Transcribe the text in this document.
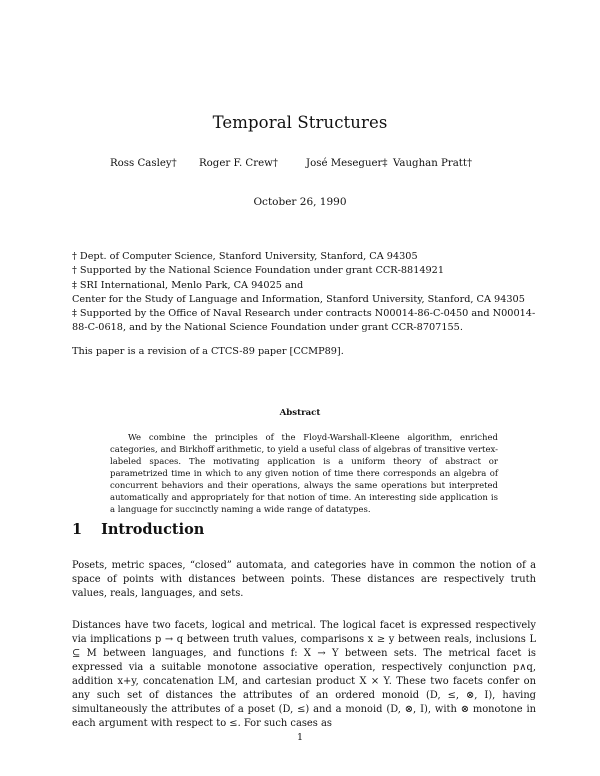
Temporal Structures
Ross Casley† Roger F. Crew†	José Meseguer‡ Vaughan Pratt†
October 26, 1990

† Dept. of Computer Science, Stanford University, Stanford, CA 94305

† Supported by the National Science Foundation under grant CCR-8814921

‡ SRI International, Menlo Park, CA 94025 and

Center for the Study of Language and Information, Stanford University, Stanford, CA 94305

‡ Supported by the Office of Naval Research under contracts N00014-86-C-0450 and N00014-88-C-0618, and by the National Science Foundation under grant CCR-8707155.

This paper is a revision of a CTCS-89 paper [CCMP89].
Abstract
We combine the principles of the Floyd-Warshall-Kleene algorithm, enriched categories, and Birkhoff arithmetic, to yield a useful class of algebras of transitive vertex-labeled spaces. The motivating application is a uniform theory of abstract or parametrized time in which to any given notion of time there corresponds an algebra of concurrent behaviors and their operations, always the same operations but interpreted automatically and appropriately for that notion of time. An interesting side application is a language for succinctly naming a wide range of datatypes.
1 Introduction

Posets, metric spaces, “closed” automata, and categories have in common the notion of a space of points with distances between points. These distances are respectively truth values, reals, languages, and sets.

Distances have two facets, logical and metrical. The logical facet is expressed respectively via implications p → q between truth values, comparisons x ≥ y between reals, inclusions L ⊆ M between languages, and functions f: X → Y between sets. The metrical facet is expressed via a suitable monotone associative operation, respectively conjunction p∧q, addition x+y, concatenation LM, and cartesian product X × Y. These two facets confer on any such set of distances the attributes of an ordered monoid (D, ≤, ⊗, I), having simultaneously the attributes of a poset (D, ≤) and a monoid (D, ⊗, I), with ⊗ monotone in each argument with respect to ≤. For such cases as

1
